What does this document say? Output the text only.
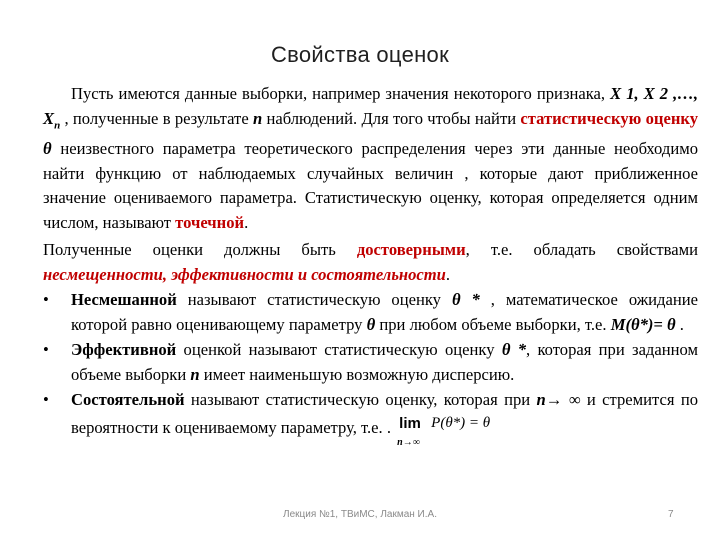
Свойства оценок
Пусть имеются данные выборки, например значения некоторого признака, X 1, X 2 ,…, $X_n$ , полученные в результате n наблюдений. Для того чтобы найти статистическую оценку θ неизвестного параметра теоретического распределения через эти данные необходимо найти функцию от наблюдаемых случайных величин , которые дают приближенное значение оцениваемого параметра. Статистическую оценку, которая определяется одним числом, называют точечной.
Полученные оценки должны быть достоверными, т.е. обладать свойствами несмещенности, эффективности и состоятельности.
• Несмешанной называют статистическую оценку θ * , математическое ожидание которой равно оценивающему параметру θ при любом объеме выборки, т.е. M(θ*)= θ .
• Эффективной оценкой называют статистическую оценку θ *, которая при заданном объеме выборки n имеет наименьшую возможную дисперсию.
• Состоятельной называют статистическую оценку, которая при n→ ∞ и стремится по вероятности к оцениваемому параметру, т.е. . lim
n→∞
P(θ*) = θ
Лекция №1, ТВиМС, Лакман И.А.	7
